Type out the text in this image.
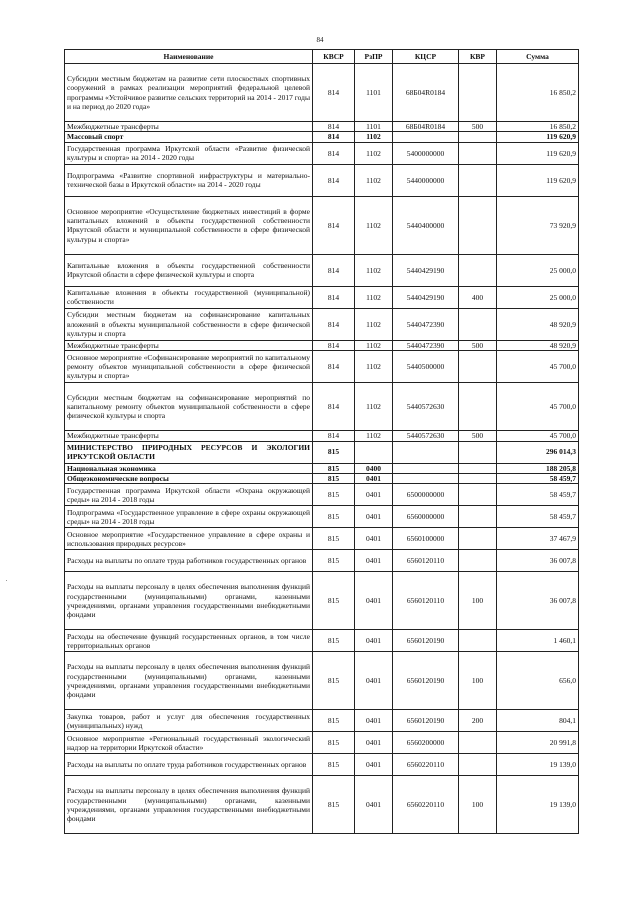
84
Наименование	КВСР	РзПР	КЦСР	КВР	Сумма
Субсидии местным бюджетам на развитие сети плоскостных спортивных сооружений в рамках реализации мероприятий федеральной целевой программы «Устойчивое развитие сельских территорий на 2014 - 2017 годы и на период до 2020 года»	814	1101	68Б04R0184		16 850,2
Межбюджетные трансферты	814	1101	68Б04R0184	500	16 850,2
Массовый спорт	814	1102			119 620,9
Государственная программа Иркутской области «Развитие физической культуры и спорта» на 2014 - 2020 годы	814	1102	5400000000		119 620,9
Подпрограмма «Развитие спортивной инфраструктуры и материально- технической базы в Иркутской области» на 2014 - 2020 годы	814	1102	5440000000		119 620,9
Основное мероприятие «Осуществление бюджетных инвестиций в форме капитальных вложений в объекты государственной собственности Иркутской области и муниципальной собственности в сфере физической культуры и спорта»	814	1102	5440400000		73 920,9
Капитальные вложения в объекты государственной собственности Иркутской области в сфере физической культуры и спорта	814	1102	5440429190		25 000,0
Капитальные вложения в объекты государственной (муниципальной) собственности	814	1102	5440429190	400	25 000,0
Субсидии местным бюджетам на софинансирование капитальных вложений в объекты муниципальной собственности в сфере физической культуры и спорта	814	1102	5440472390		48 920,9
Межбюджетные трансферты	814	1102	5440472390	500	48 920,9
Основное мероприятие «Софинансирование мероприятий по капитальному ремонту объектов муниципальной собственности в сфере физической культуры и спорта»	814	1102	5440500000		45 700,0
Субсидии местным бюджетам на софинансирование мероприятий по капитальному ремонту объектов муниципальной собственности в сфере физической культуры и спорта	814	1102	5440572630		45 700,0
Межбюджетные трансферты	814	1102	5440572630	500	45 700,0
МИНИСТЕРСТВО ПРИРОДНЫХ РЕСУРСОВ И ЭКОЛОГИИ ИРКУТСКОЙ ОБЛАСТИ	815				296 014,3
Национальная экономика	815	0400			188 205,8
Общеэкономические вопросы	815	0401			58 459,7
Государственная программа Иркутской области «Охрана окружающей среды» на 2014 - 2018 годы	815	0401	6500000000		58 459,7
Подпрограмма «Государственное управление в сфере охраны окружающей среды» на 2014 - 2018 годы	815	0401	6560000000		58 459,7
Основное мероприятие «Государственное управление в сфере охраны и использования природных ресурсов»	815	0401	6560100000		37 467,9
Расходы на выплаты по оплате труда работников государственных органов	815	0401	6560120110		36 007,8
Расходы на выплаты персоналу в целях обеспечения выполнения функций государственными (муниципальными) органами, казенными учреждениями, органами управления государственными внебюджетными фондами	815	0401	6560120110	100	36 007,8
Расходы на обеспечение функций государственных органов, в том числе территориальных органов	815	0401	6560120190		1 460,1
Расходы на выплаты персоналу в целях обеспечения выполнения функций государственными (муниципальными) органами, казенными учреждениями, органами управления государственными внебюджетными фондами	815	0401	6560120190	100	656,0
Закупка товаров, работ и услуг для обеспечения государственных (муниципальных) нужд	815	0401	6560120190	200	804,1
Основное мероприятие «Региональный государственный экологический надзор на территории Иркутской области»	815	0401	6560200000		20 991,8
Расходы на выплаты по оплате труда работников государственных органов	815	0401	6560220110		19 139,0
Расходы на выплаты персоналу в целях обеспечения выполнения функций государственными (муниципальными) органами, казенными учреждениями, органами управления государственными внебюджетными фондами	815	0401	6560220110	100	19 139,0
